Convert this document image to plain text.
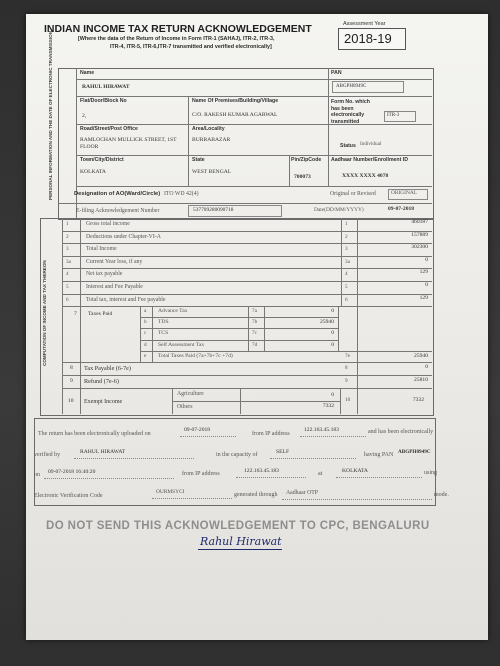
INDIAN INCOME TAX RETURN ACKNOWLEDGEMENT
[Where the data of the Return of Income in Form ITR-1 (SAHAJ), ITR-2, ITR-3,
ITR-4, ITR-5, ITR-6,ITR-7 transmitted and verified electronically]
Assessment Year
2018-19
PERSONAL INFORMATION AND THE DATE OF ELECTRONIC TRANSMISSION	Name
RAHUL HIRAWAT
PAN
ABGPH0949C
Flat/Door/Block No
2,
Name Of Premises/Building/Village
C/O. RAKESH KUMAR AGARWAL
Form No. which has been electronically transmitted
ITR-3
Road/Street/Post Office
RAMLOCHAN MULLICK STREET, 1ST FLOOR
Area/Locality
BURRABAZAR
Status Individual
Town/City/District
KOLKATA
State
WEST BENGAL
Pin/ZipCode
700073
Aadhaar Number/Enrollment ID
XXXX XXXX 4078
Designation of AO(Ward/Circle) ITO WD 42(4)	Original or Revised	ORIGINAL
E-filing Acknowledgement Number	537709280090718	Date(DD/MM/YYYY)	09-07-2018
COMPUTATION OF INCOME AND TAX THEREON
1	Gross total income	1	460187
2	Deductions under Chapter-VI-A	2	157889
3	Total Income	3	302300
3a	Current Year loss, if any	3a	0
4	Net tax payable	4	129
5	Interest and Fee Payable	5	0
6	Total tax, interest and Fee payable	6	129
7 Taxes Paid	a Advance Tax	7a	0
b TDS	7b	25940
c TCS	7c	0
d Self Assessment Tax	7d	0
e Total Taxes Paid (7a+7b+7c +7d)	7e	25940
8 Tax Payable (6-7e)	8	0
9 Refund (7e-6)	9	25810
10 Exempt Income
Agriculture	0
Others	7332
10	7332
The return has been electronically uploaded on
09-07-2018
from IP address
122.163.45.183	and has been electronically
verified by	RAHUL HIRAWAT	in the capacity of	SELF	having PAN ABGPH0949C
on 09-07-2018 16:40:20	from IP address	122.163.45.183	at	KOLKATA	using
Electronic Verification Code
OURMSYCI	generated through Aadhaar OTP	mode.
DO NOT SEND THIS ACKNOWLEDGEMENT TO CPC, BENGALURU
Rahul Hirawat
